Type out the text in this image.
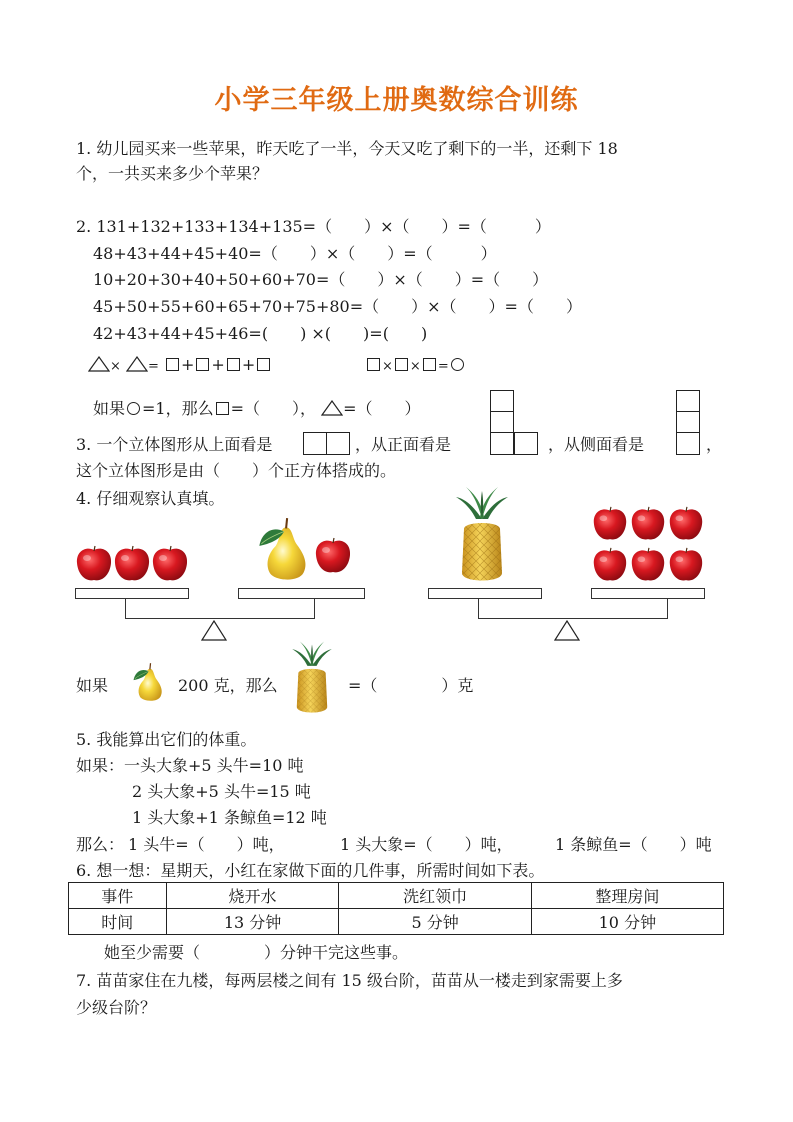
小学三年级上册奥数综合训练
1. 幼儿园买来一些苹果，昨天吃了一半，今天又吃了剩下的一半，还剩下 18
个，一共买来多少个苹果？
2. 131+132+133+134+135=（　　）×（　　）=（　　　）
48+43+44+45+40=（　　）×（　　）=（　　　）
10+20+30+40+50+60+70=（　　）×（　　）=（　　）
45+50+55+60+65+70+75+80=（　　）×（　　）=（　　）
42+43+44+45+46=(　　) ×(　　)=(　　)
× = + + +	× × =
如果 =1，那么 =（　　）， =（　　）
3. 一个立体图形从上面看是	，从正面看是	，从侧面看是	，
这个立体图形是由（　　）个正方体搭成的。
4. 仔细观察认真填。
如果	200 克，那么	=（　　　　）克
5. 我能算出它们的体重。
如果： 一头大象+5 头牛=10 吨
2 头大象+5 头牛=15 吨
1 头大象+1 条鲸鱼=12 吨
那么： 1 头牛=（　　）吨，	1 头大象=（　　）吨，	1 条鲸鱼=（　　）吨
6. 想一想：星期天，小红在家做下面的几件事，所需时间如下表。
事件	烧开水	洗红领巾	整理房间
时间	13 分钟	5 分钟	10 分钟
她至少需要（　　　　）分钟干完这些事。
7. 苗苗家住在九楼，每两层楼之间有 15 级台阶，苗苗从一楼走到家需要上多
少级台阶？
